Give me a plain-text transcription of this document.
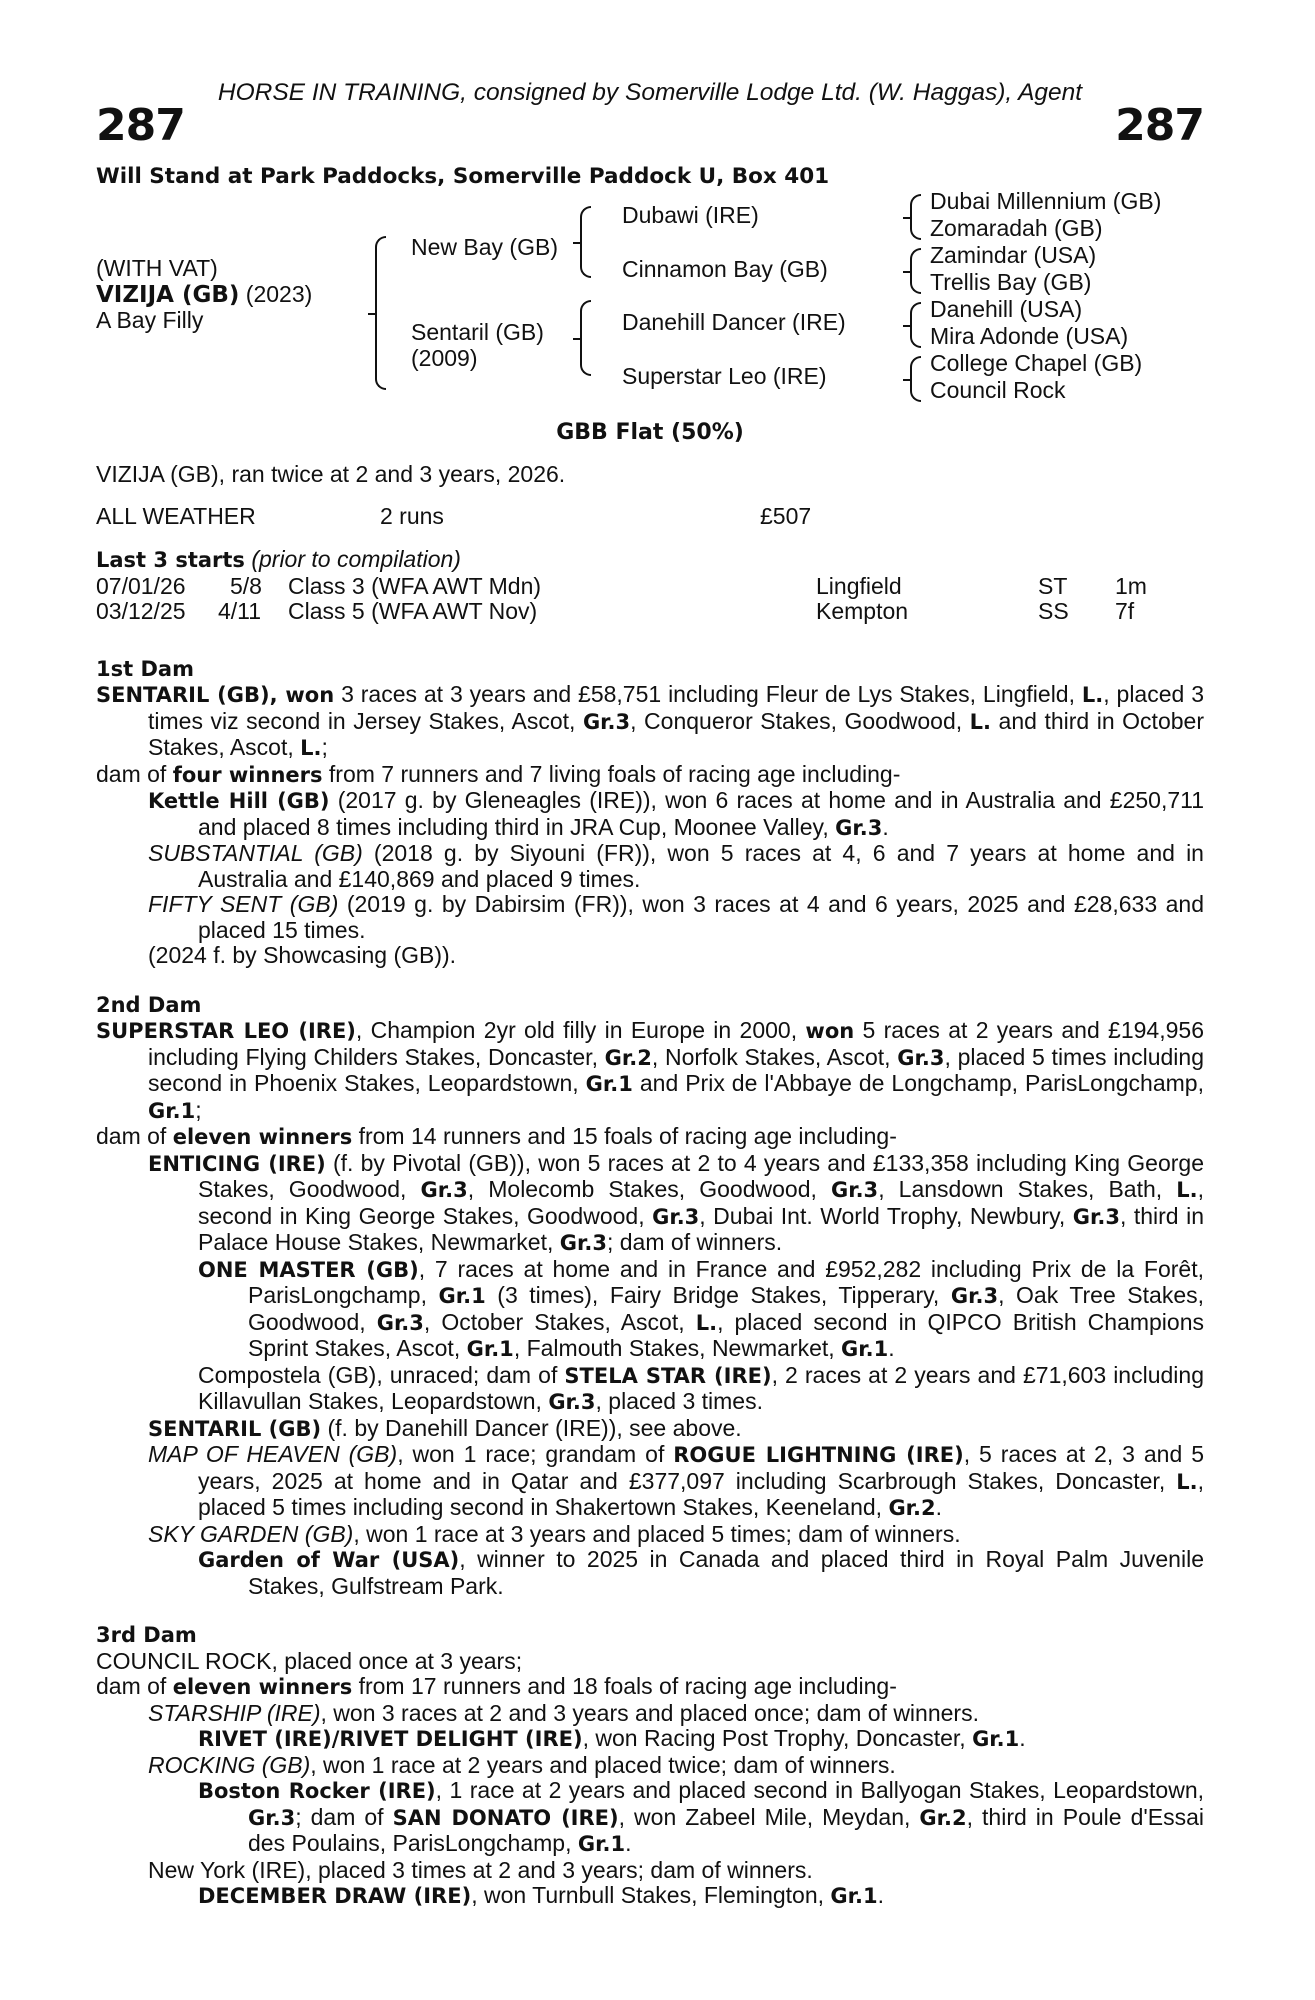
HORSE IN TRAINING, consigned by Somerville Lodge Ltd. (W. Haggas), Agent
287	287
Will Stand at Park Paddocks, Somerville Paddock U, Box 401
(WITH VAT)
VIZIJA (GB) (2023)
A Bay Filly
New Bay (GB)
Sentaril (GB)
(2009)
Dubawi (IRE)
Cinnamon Bay (GB)
Danehill Dancer (IRE)
Superstar Leo (IRE)
Dubai Millennium (GB)
Zomaradah (GB)
Zamindar (USA)
Trellis Bay (GB)
Danehill (USA)
Mira Adonde (USA)
College Chapel (GB)
Council Rock
GBB Flat (50%)
VIZIJA (GB), ran twice at 2 and 3 years, 2026.
ALL WEATHER	2 runs	£507
Last 3 starts (prior to compilation)
07/01/26 5/8 Class 3 (WFA AWT Mdn)	Lingfield	ST 1m
03/12/25 4/11 Class 5 (WFA AWT Nov)	Kempton	SS 7f
1st Dam
SENTARIL (GB), won 3 races at 3 years and £58,751 including Fleur de Lys Stakes, Lingfield, L., placed 3 times viz second in Jersey Stakes, Ascot, Gr.3, Conqueror Stakes, Goodwood, L. and third in October Stakes, Ascot, L.;
dam of four winners from 7 runners and 7 living foals of racing age including-
Kettle Hill (GB) (2017 g. by Gleneagles (IRE)), won 6 races at home and in Australia and £250,711 and placed 8 times including third in JRA Cup, Moonee Valley, Gr.3.
SUBSTANTIAL (GB) (2018 g. by Siyouni (FR)), won 5 races at 4, 6 and 7 years at home and in Australia and £140,869 and placed 9 times.
FIFTY SENT (GB) (2019 g. by Dabirsim (FR)), won 3 races at 4 and 6 years, 2025 and £28,633 and placed 15 times.
(2024 f. by Showcasing (GB)).
2nd Dam
SUPERSTAR LEO (IRE), Champion 2yr old filly in Europe in 2000, won 5 races at 2 years and £194,956 including Flying Childers Stakes, Doncaster, Gr.2, Norfolk Stakes, Ascot, Gr.3, placed 5 times including second in Phoenix Stakes, Leopardstown, Gr.1 and Prix de l'Abbaye de Longchamp, ParisLongchamp, Gr.1;
dam of eleven winners from 14 runners and 15 foals of racing age including-
ENTICING (IRE) (f. by Pivotal (GB)), won 5 races at 2 to 4 years and £133,358 including King George Stakes, Goodwood, Gr.3, Molecomb Stakes, Goodwood, Gr.3, Lansdown Stakes, Bath, L., second in King George Stakes, Goodwood, Gr.3, Dubai Int. World Trophy, Newbury, Gr.3, third in Palace House Stakes, Newmarket, Gr.3; dam of winners.
ONE MASTER (GB), 7 races at home and in France and £952,282 including Prix de la Forêt, ParisLongchamp, Gr.1 (3 times), Fairy Bridge Stakes, Tipperary, Gr.3, Oak Tree Stakes, Goodwood, Gr.3, October Stakes, Ascot, L., placed second in QIPCO British Champions Sprint Stakes, Ascot, Gr.1, Falmouth Stakes, Newmarket, Gr.1.
Compostela (GB), unraced; dam of STELA STAR (IRE), 2 races at 2 years and £71,603 including Killavullan Stakes, Leopardstown, Gr.3, placed 3 times.
SENTARIL (GB) (f. by Danehill Dancer (IRE)), see above.
MAP OF HEAVEN (GB), won 1 race; grandam of ROGUE LIGHTNING (IRE), 5 races at 2, 3 and 5 years, 2025 at home and in Qatar and £377,097 including Scarbrough Stakes, Doncaster, L., placed 5 times including second in Shakertown Stakes, Keeneland, Gr.2.
SKY GARDEN (GB), won 1 race at 3 years and placed 5 times; dam of winners.
Garden of War (USA), winner to 2025 in Canada and placed third in Royal Palm Juvenile Stakes, Gulfstream Park.
3rd Dam
COUNCIL ROCK, placed once at 3 years;
dam of eleven winners from 17 runners and 18 foals of racing age including-
STARSHIP (IRE), won 3 races at 2 and 3 years and placed once; dam of winners.
RIVET (IRE)/RIVET DELIGHT (IRE), won Racing Post Trophy, Doncaster, Gr.1.
ROCKING (GB), won 1 race at 2 years and placed twice; dam of winners.
Boston Rocker (IRE), 1 race at 2 years and placed second in Ballyogan Stakes, Leopardstown, Gr.3; dam of SAN DONATO (IRE), won Zabeel Mile, Meydan, Gr.2, third in Poule d'Essai des Poulains, ParisLongchamp, Gr.1.
New York (IRE), placed 3 times at 2 and 3 years; dam of winners.
DECEMBER DRAW (IRE), won Turnbull Stakes, Flemington, Gr.1.
